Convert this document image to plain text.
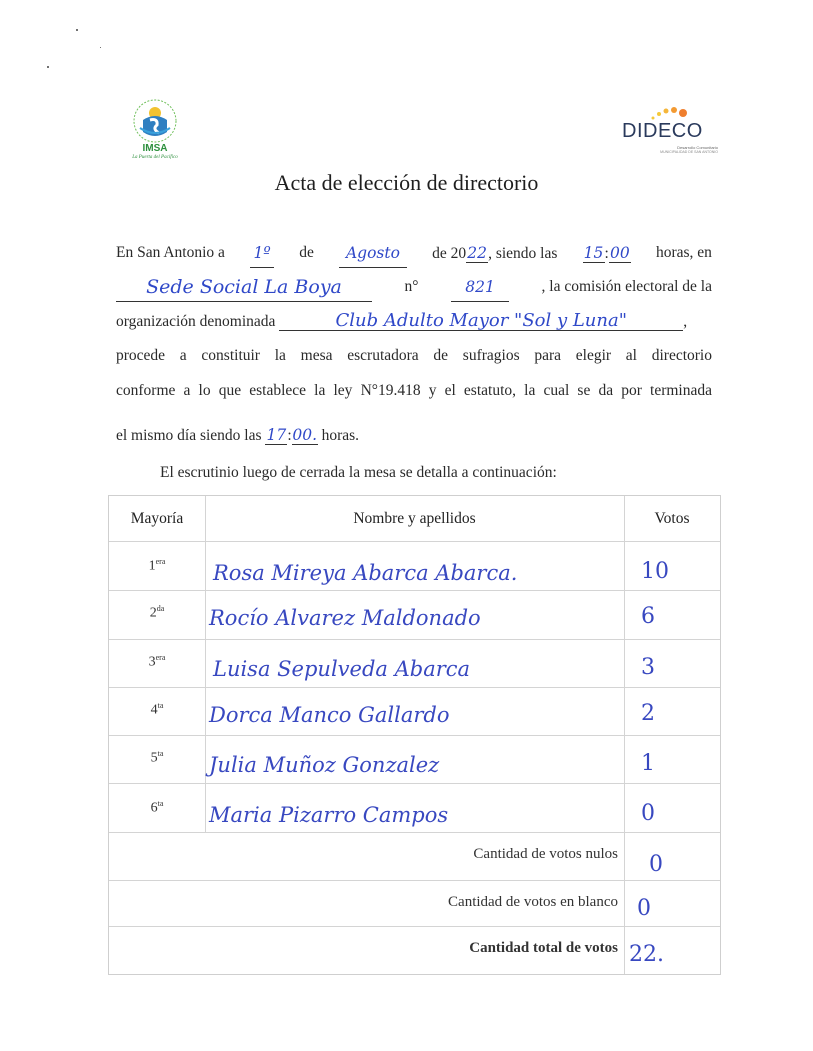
IMSA
La Puerta del Pacífico
DIDECO
Desarrollo Comunitario
MUNICIPALIDAD DE SAN ANTONIO
Acta de elección de directorio
En San Antonio a 1º de	Agosto	de 2022, siendo las 15:00 horas, en
Sede Social La Boya	n°	821	, la comisión electoral de la
organización denominada	Club Adulto Mayor "Sol y Luna"	,
procede a constituir la mesa escrutadora de sufragios para elegir al directorio
conforme a lo que establece la ley N°19.418 y el estatuto, la cual se da por terminada
el mismo día siendo las 17:00. horas.
El escrutinio luego de cerrada la mesa se detalla a continuación:
Mayoría	Nombre y apellidos	Votos
$1^{era}$	Rosa Mireya Abarca Abarca.	10
$2^{da}$	Rocío Alvarez Maldonado	6
$3^{era}$	Luisa Sepulveda Abarca	3
$4^{ta}$	Dorca Manco Gallardo	2
$5^{ta}$	Julia Muñoz Gonzalez	1
$6^{ta}$	Maria Pizarro Campos	0
Cantidad de votos nulos 0
Cantidad de votos en blanco 0
Cantidad total de votos 22.
